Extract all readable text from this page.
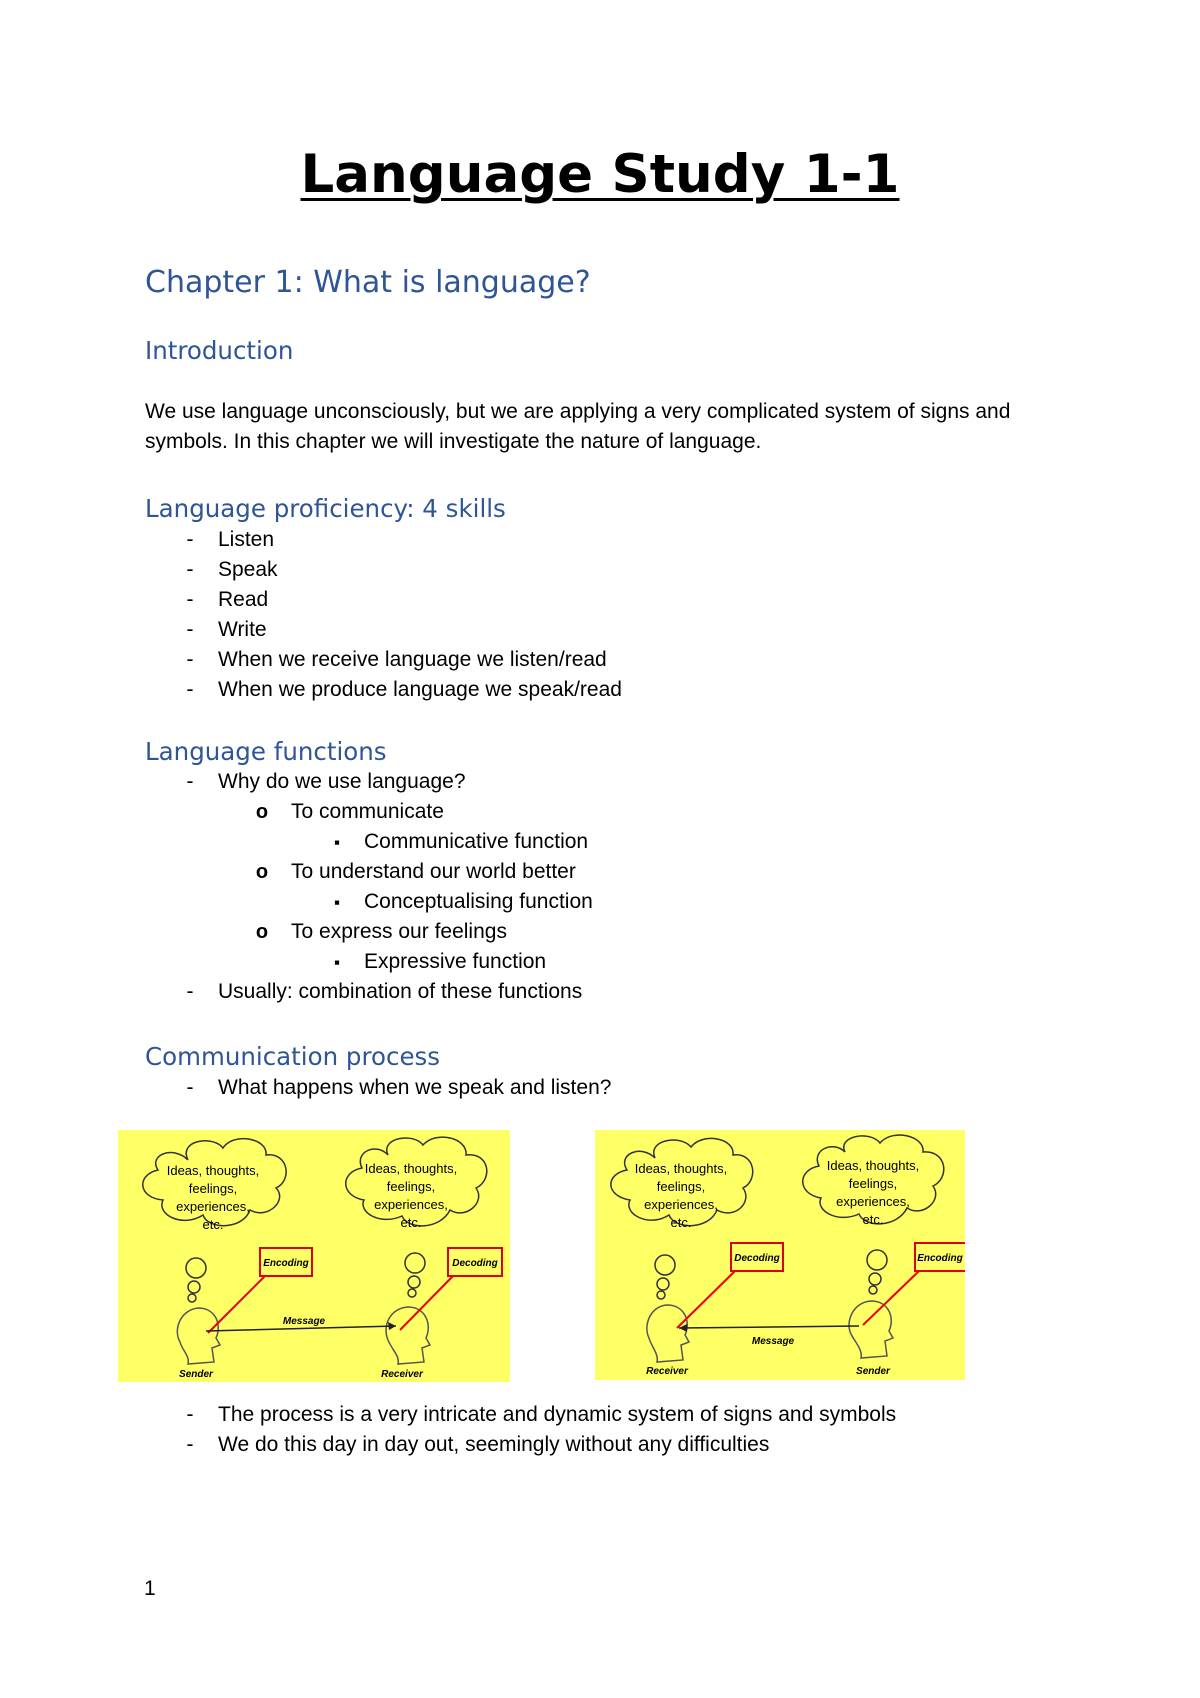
Language Study 1-1
Chapter 1: What is language?
Introduction
We use language unconsciously, but we are applying a very complicated system of signs and symbols. In this chapter we will investigate the nature of language.
Language proficiency: 4 skills
-
Listen
-
Speak
-
Read
-
Write
-
When we receive language we listen/read
-
When we produce language we speak/read
Language functions
-
Why do we use language?
o
To communicate
▪
Communicative function
o
To understand our world better
▪
Conceptualising function
o
To express our feelings
▪
Expressive function
-
Usually: combination of these functions
Communication process
-
What happens when we speak and listen?
Ideas, thoughts,
feelings,
experiences,
etc.
Ideas, thoughts,
feelings,
experiences,
etc.
Encoding	Decoding
Message
Sender	Receiver
Ideas, thoughts,
feelings,
experiences,
etc.
Ideas, thoughts,
feelings,
experiences,
etc.
Decoding	Encoding
Message
Receiver	Sender
-
The process is a very intricate and dynamic system of signs and symbols
-
We do this day in day out, seemingly without any difficulties
1
